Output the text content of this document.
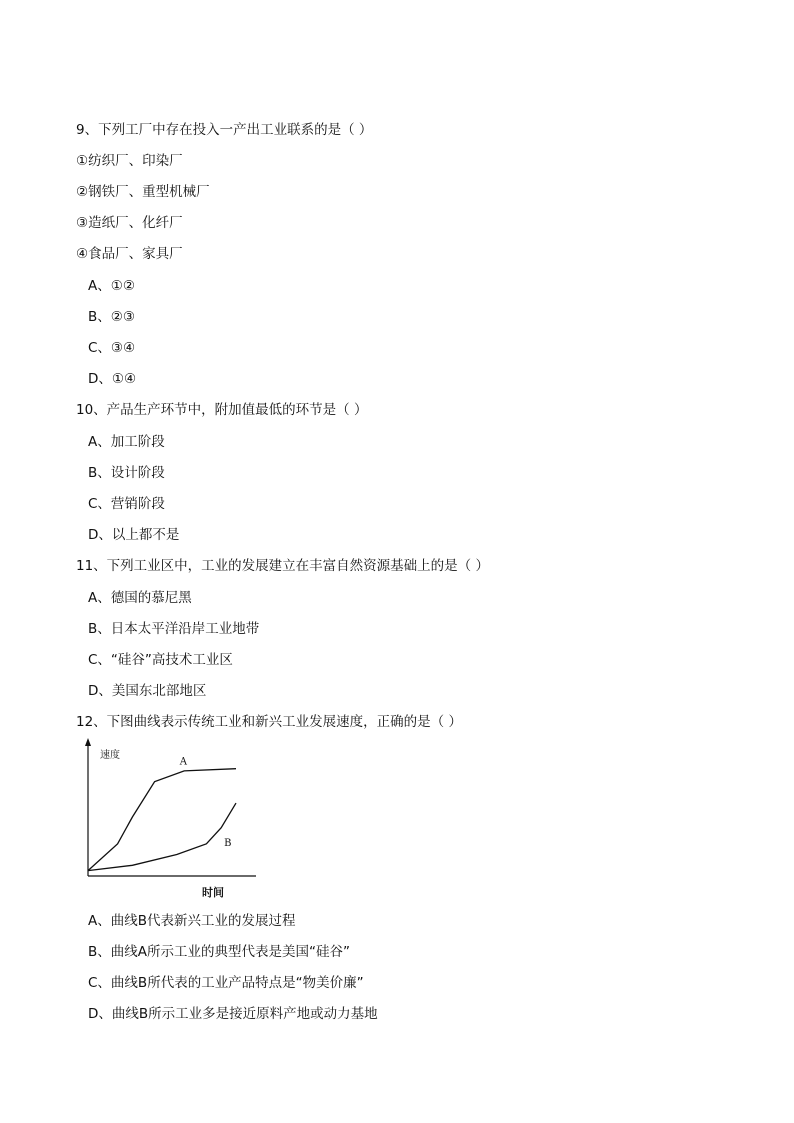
9、下列工厂中存在投入一产出工业联系的是（ ）
①纺织厂、印染厂
②钢铁厂、重型机械厂
③造纸厂、化纤厂
④食品厂、家具厂
A、①②
B、②③
C、③④
D、①④
10、产品生产环节中，附加值最低的环节是（ ）
A、加工阶段
B、设计阶段
C、营销阶段
D、以上都不是
11、下列工业区中，工业的发展建立在丰富自然资源基础上的是（ ）
A、德国的慕尼黑
B、日本太平洋沿岸工业地带
C、“硅谷”高技术工业区
D、美国东北部地区
12、下图曲线表示传统工业和新兴工业发展速度，正确的是（ ）
A
B
速度
时间
A、曲线B代表新兴工业的发展过程
B、曲线A所示工业的典型代表是美国“硅谷”
C、曲线B所代表的工业产品特点是“物美价廉”
D、曲线B所示工业多是接近原料产地或动力基地
